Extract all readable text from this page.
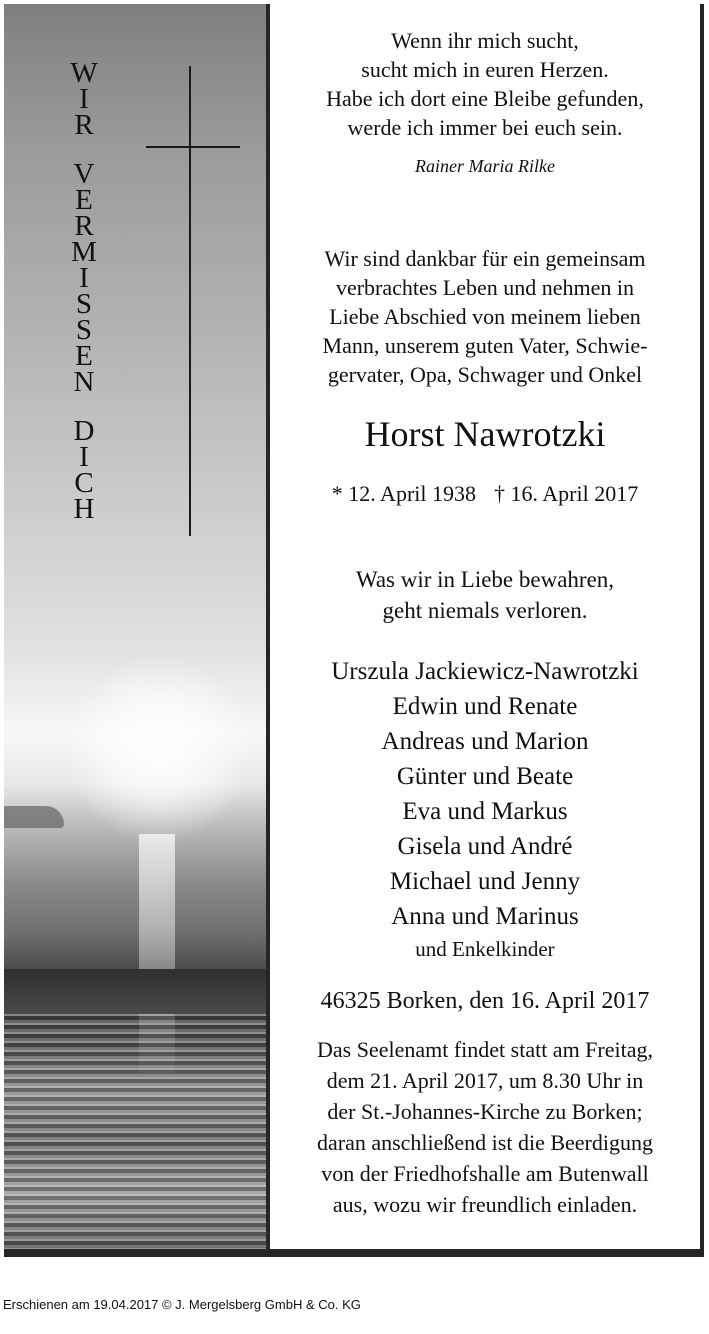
W
I
R
V
E
R
M
I
S
S
E
N
D
I
C
H
Wenn ihr mich sucht,
sucht mich in euren Herzen.
Habe ich dort eine Bleibe gefunden,
werde ich immer bei euch sein.
Rainer Maria Rilke
Wir sind dankbar für ein gemeinsam
verbrachtes Leben und nehmen in
Liebe Abschied von meinem lieben
Mann, unserem guten Vater, Schwie-
gervater, Opa, Schwager und Onkel
Horst Nawrotzki
* 12. April 1938 † 16. April 2017
Was wir in Liebe bewahren,
geht niemals verloren.
Urszula Jackiewicz-Nawrotzki
Edwin und Renate
Andreas und Marion
Günter und Beate
Eva und Markus
Gisela und André
Michael und Jenny
Anna und Marinus
und Enkelkinder
46325 Borken, den 16. April 2017
Das Seelenamt findet statt am Freitag,
dem 21. April 2017, um 8.30 Uhr in
der St.-Johannes-Kirche zu Borken;
daran anschließend ist die Beerdigung
von der Friedhofshalle am Butenwall
aus, wozu wir freundlich einladen.
Erschienen am 19.04.2017 © J. Mergelsberg GmbH & Co. KG
